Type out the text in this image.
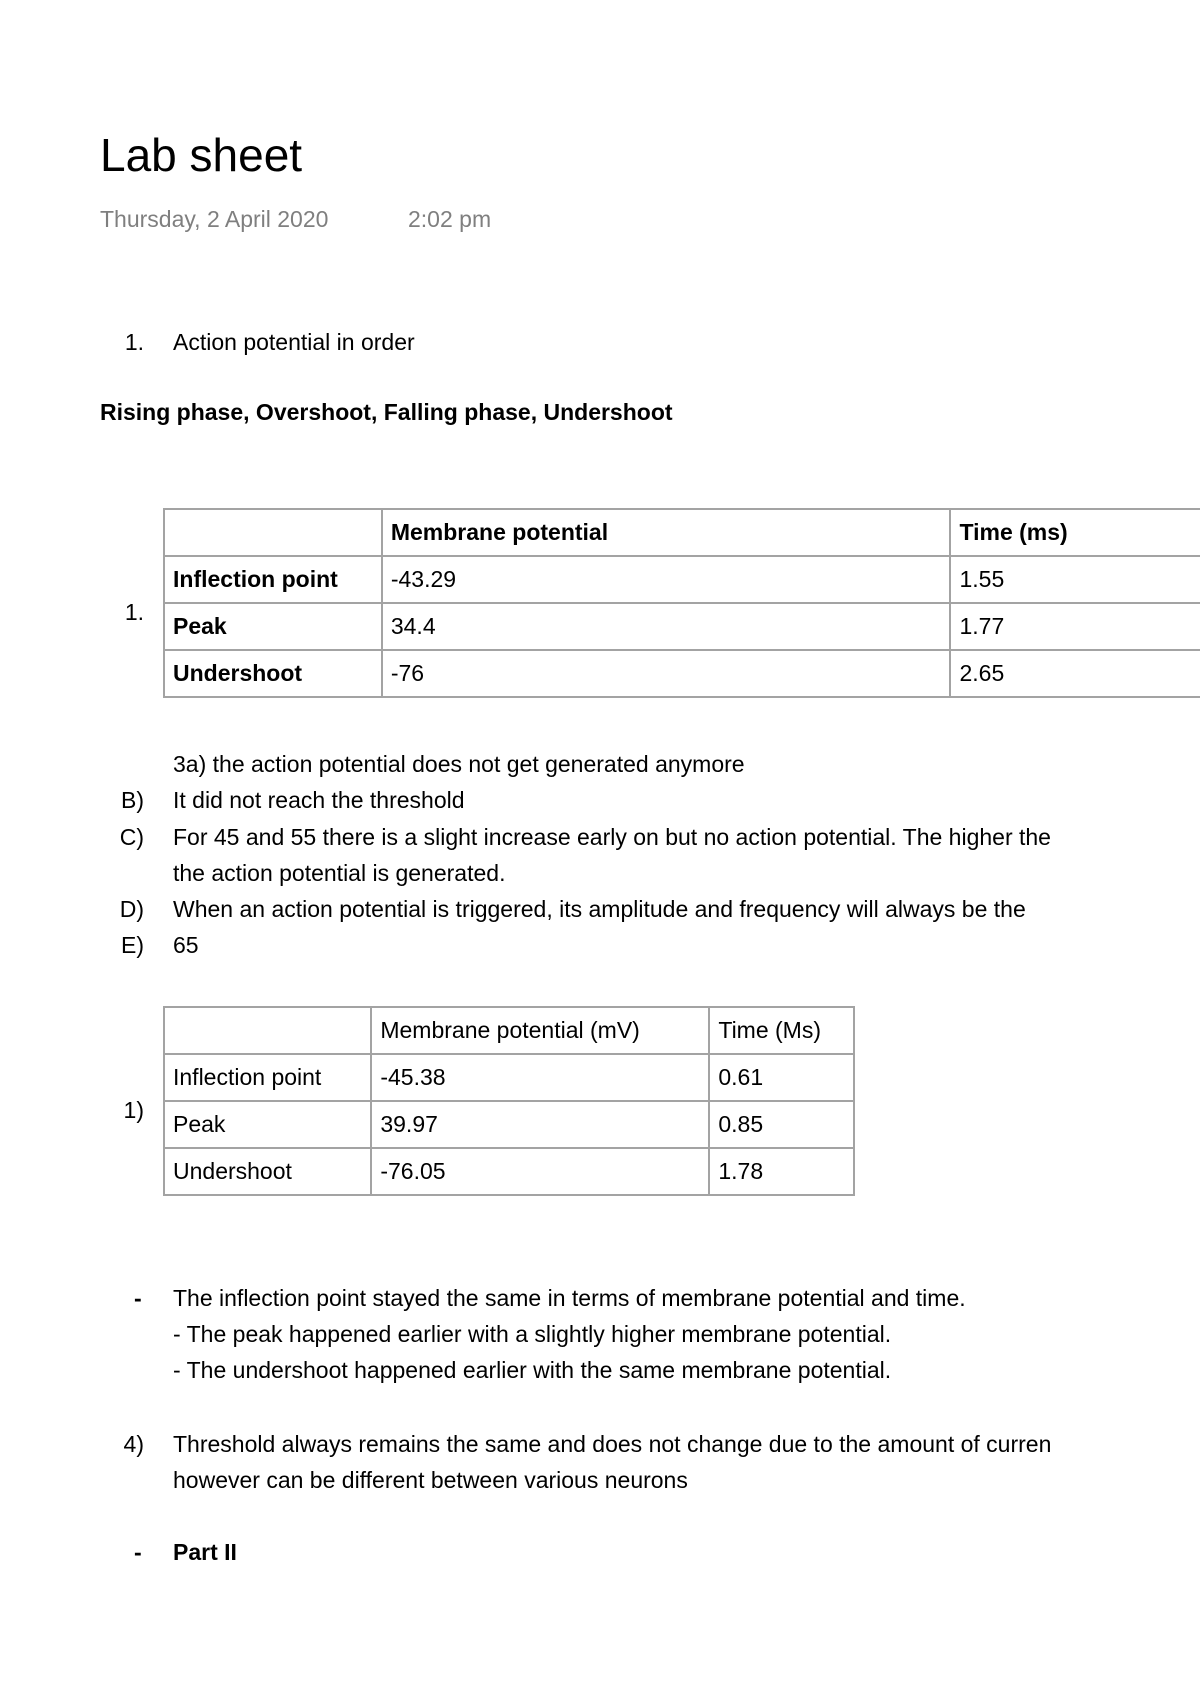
Lab sheet
Thursday, 2 April 2020	2:02 pm
1. Action potential in order
Rising phase, Overshoot, Falling phase, Undershoot
1.
	Membrane potential	Time (ms)
Inflection point	-43.29	1.55
Peak	34.4	1.77
Undershoot	-76	2.65
3a) the action potential does not get generated anymore
B) It did not reach the threshold
C) For 45 and 55 there is a slight increase early on but no action potential. The higher the
the action potential is generated.
D) When an action potential is triggered, its amplitude and frequency will always be the
E) 65
1)
	Membrane potential (mV)	Time (Ms)
Inflection point	-45.38	0.61
Peak	39.97	0.85
Undershoot	-76.05	1.78
- The inflection point stayed the same in terms of membrane potential and time.
- The peak happened earlier with a slightly higher membrane potential.
- The undershoot happened earlier with the same membrane potential.
4) Threshold always remains the same and does not change due to the amount of curren
however can be different between various neurons
- Part II
